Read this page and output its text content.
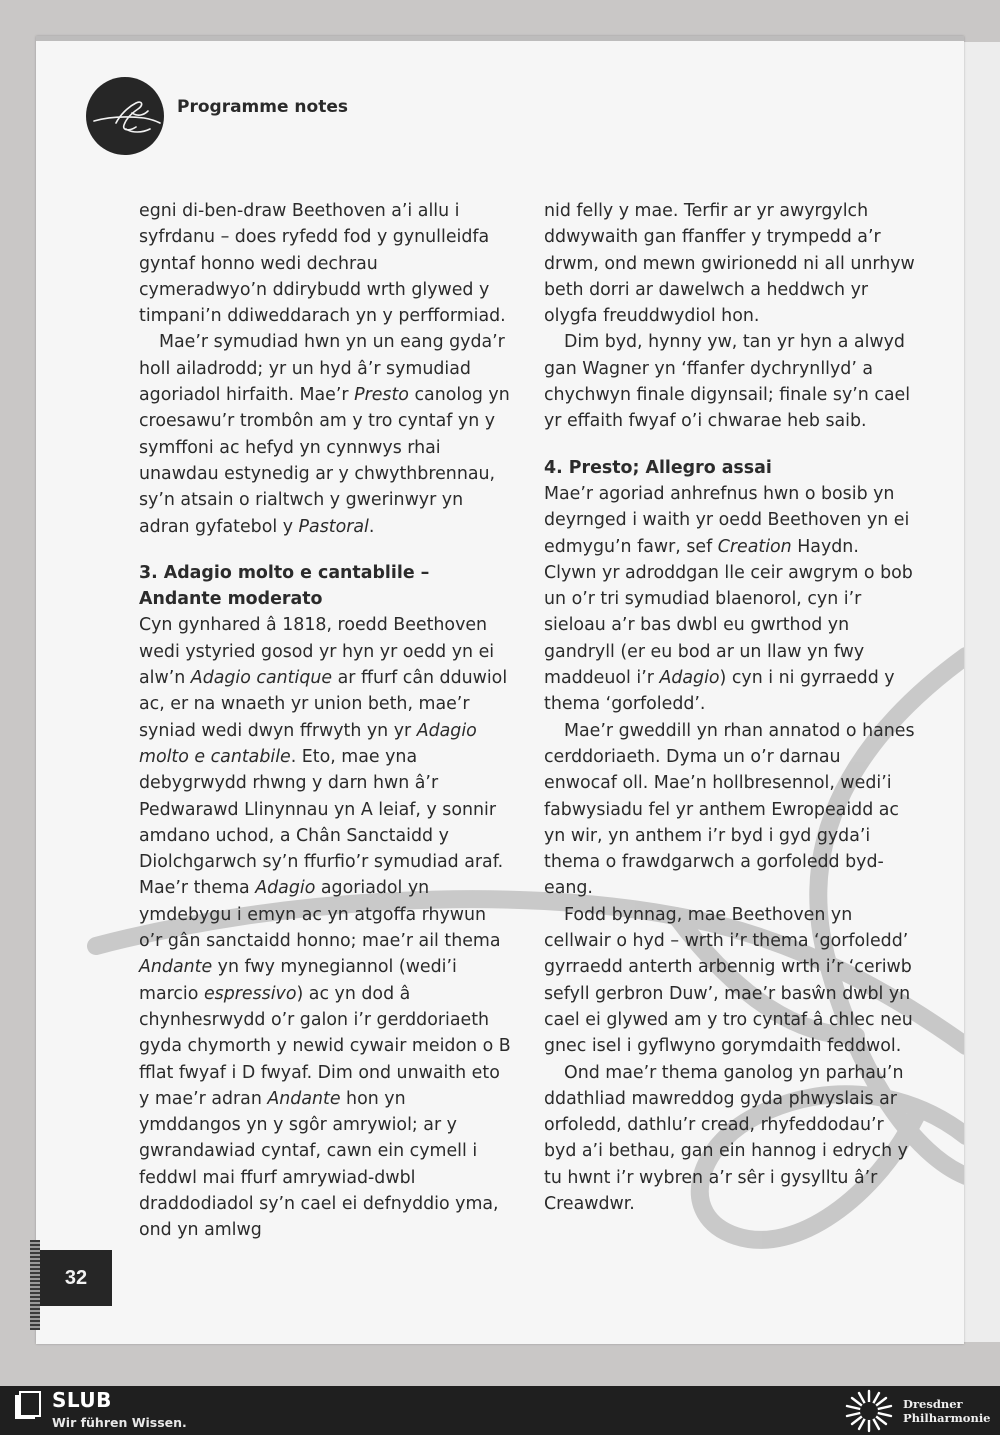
Programme notes

egni di-ben-draw Beethoven a’i allu i syfrdanu – does ryfedd fod y gynulleidfa gyntaf honno wedi dechrau cymeradwyo’n ddirybudd wrth glywed y timpani’n ddiweddarach yn y perfformiad.

Mae’r symudiad hwn yn un eang gyda’r holl ailadrodd; yr un hyd â’r symudiad agoriadol hirfaith. Mae’r Presto canolog yn croesawu’r trombôn am y tro cyntaf yn y symffoni ac hefyd yn cynnwys rhai unawdau estynedig ar y chwythbrennau, sy’n atsain o rialtwch y gwerinwyr yn adran gyfatebol y Pastoral.

3. Adagio molto e cantablile – Andante moderato

Cyn gynhared â 1818, roedd Beethoven wedi ystyried gosod yr hyn yr oedd yn ei alw’n Adagio cantique ar ffurf cân dduwiol ac, er na wnaeth yr union beth, mae’r syniad wedi dwyn ffrwyth yn yr Adagio molto e cantabile. Eto, mae yna debygrwydd rhwng y darn hwn â’r Pedwarawd Llinynnau yn A leiaf, y sonnir amdano uchod, a Chân Sanctaidd y Diolchgarwch sy’n ffurfio’r symudiad araf. Mae’r thema Adagio agoriadol yn ymdebygu i emyn ac yn atgoffa rhywun o’r gân sanctaidd honno; mae’r ail thema Andante yn fwy mynegiannol (wedi’i marcio espressivo) ac yn dod â chynhesrwydd o’r galon i’r gerddoriaeth gyda chymorth y newid cywair meidon o B fflat fwyaf i D fwyaf. Dim ond unwaith eto y mae’r adran Andante hon yn ymddangos yn y sgôr amrywiol; ar y gwrandawiad cyntaf, cawn ein cymell i feddwl mai ffurf amrywiad-dwbl draddodiadol sy’n cael ei defnyddio yma, ond yn amlwg

nid felly y mae. Terfir ar yr awyrgylch ddwywaith gan ffanffer y trympedd a’r drwm, ond mewn gwirionedd ni all unrhyw beth dorri ar dawelwch a heddwch yr olygfa freuddwydiol hon.

Dim byd, hynny yw, tan yr hyn a alwyd gan Wagner yn ‘ffanfer dychrynllyd’ a chychwyn finale digynsail; finale sy’n cael yr effaith fwyaf o’i chwarae heb saib.

4. Presto; Allegro assai

Mae’r agoriad anhrefnus hwn o bosib yn deyrnged i waith yr oedd Beethoven yn ei edmygu’n fawr, sef Creation Haydn. Clywn yr adroddgan lle ceir awgrym o bob un o’r tri symudiad blaenorol, cyn i’r sieloau a’r bas dwbl eu gwrthod yn gandryll (er eu bod ar un llaw yn fwy maddeuol i’r Adagio) cyn i ni gyrraedd y thema ‘gorfoledd’.

Mae’r gweddill yn rhan annatod o hanes cerddoriaeth. Dyma un o’r darnau enwocaf oll. Mae’n hollbresennol, wedi’i fabwysiadu fel yr anthem Ewropeaidd ac yn wir, yn anthem i’r byd i gyd gyda’i thema o frawdgarwch a gorfoledd byd-eang.

Fodd bynnag, mae Beethoven yn cellwair o hyd – wrth i’r thema ‘gorfoledd’ gyrraedd anterth arbennig wrth i’r ‘ceriwb sefyll gerbron Duw’, mae’r basŵn dwbl yn cael ei glywed am y tro cyntaf â chlec neu gnec isel i gyflwyno gorymdaith feddwol.

Ond mae’r thema ganolog yn parhau’n ddathliad mawreddog gyda phwyslais ar orfoledd, dathlu’r cread, rhyfeddodau’r byd a’i bethau, gan ein hannog i edrych y tu hwnt i’r wybren a’r sêr i gysylltu â’r Creawdwr.

32
SLUB
Wir führen Wissen.
Dresdner
Philharmonie
